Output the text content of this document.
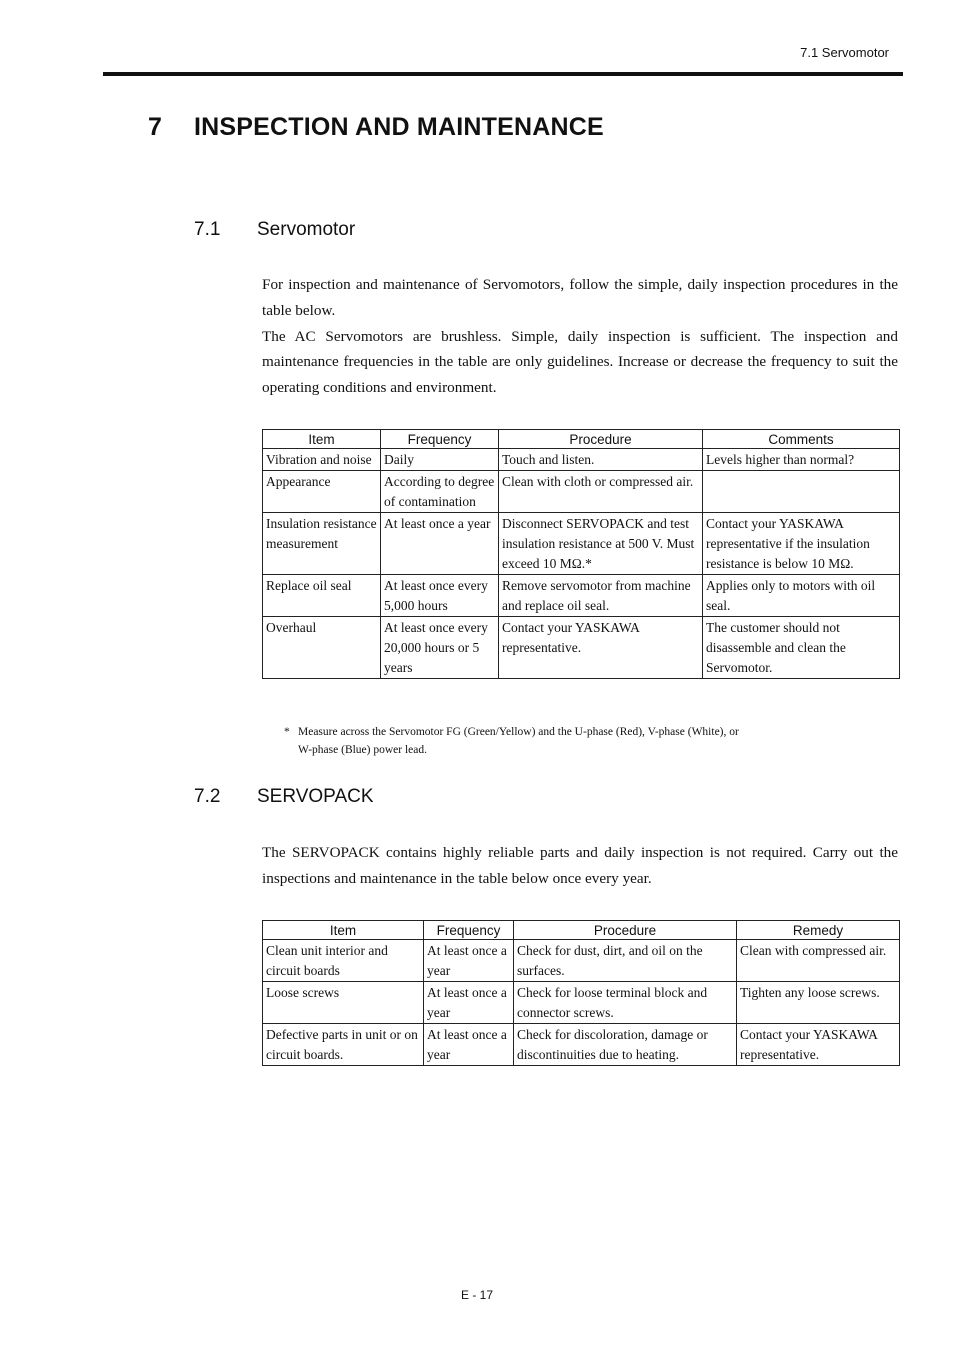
7.1 Servomotor
7 INSPECTION AND MAINTENANCE
7.1 Servomotor

For inspection and maintenance of Servomotors, follow the simple, daily inspection procedures in the table below.

The AC Servomotors are brushless. Simple, daily inspection is sufficient. The inspection and maintenance frequencies in the table are only guidelines. Increase or decrease the frequency to suit the operating conditions and environment.

Item	Frequency	Procedure	Comments
Vibration and noise	Daily	Touch and listen.	Levels higher than normal?
Appearance	According to degree of contamination	Clean with cloth or compressed air.	
Insulation resistance measurement	At least once a year	Disconnect SERVOPACK and test insulation resistance at 500 V. Must exceed 10 MΩ.*	Contact your YASKAWA representative if the insulation resistance is below 10 MΩ.
Replace oil seal	At least once every 5,000 hours	Remove servomotor from machine and replace oil seal.	Applies only to motors with oil seal.
Overhaul	At least once every 20,000 hours or 5 years	Contact your YASKAWA representative.	The customer should not disassemble and clean the Servomotor.
* Measure across the Servomotor FG (Green/Yellow) and the U-phase (Red), V-phase (White), or
W-phase (Blue) power lead.
7.2 SERVOPACK

The SERVOPACK contains highly reliable parts and daily inspection is not required. Carry out the inspections and maintenance in the table below once every year.

Item	Frequency	Procedure	Remedy
Clean unit interior and circuit boards	At least once a year	Check for dust, dirt, and oil on the surfaces.	Clean with compressed air.
Loose screws	At least once a year	Check for loose terminal block and connector screws.	Tighten any loose screws.
Defective parts in unit or on circuit boards.	At least once a year	Check for discoloration, damage or discontinuities due to heating.	Contact your YASKAWA representative.
E - 17
